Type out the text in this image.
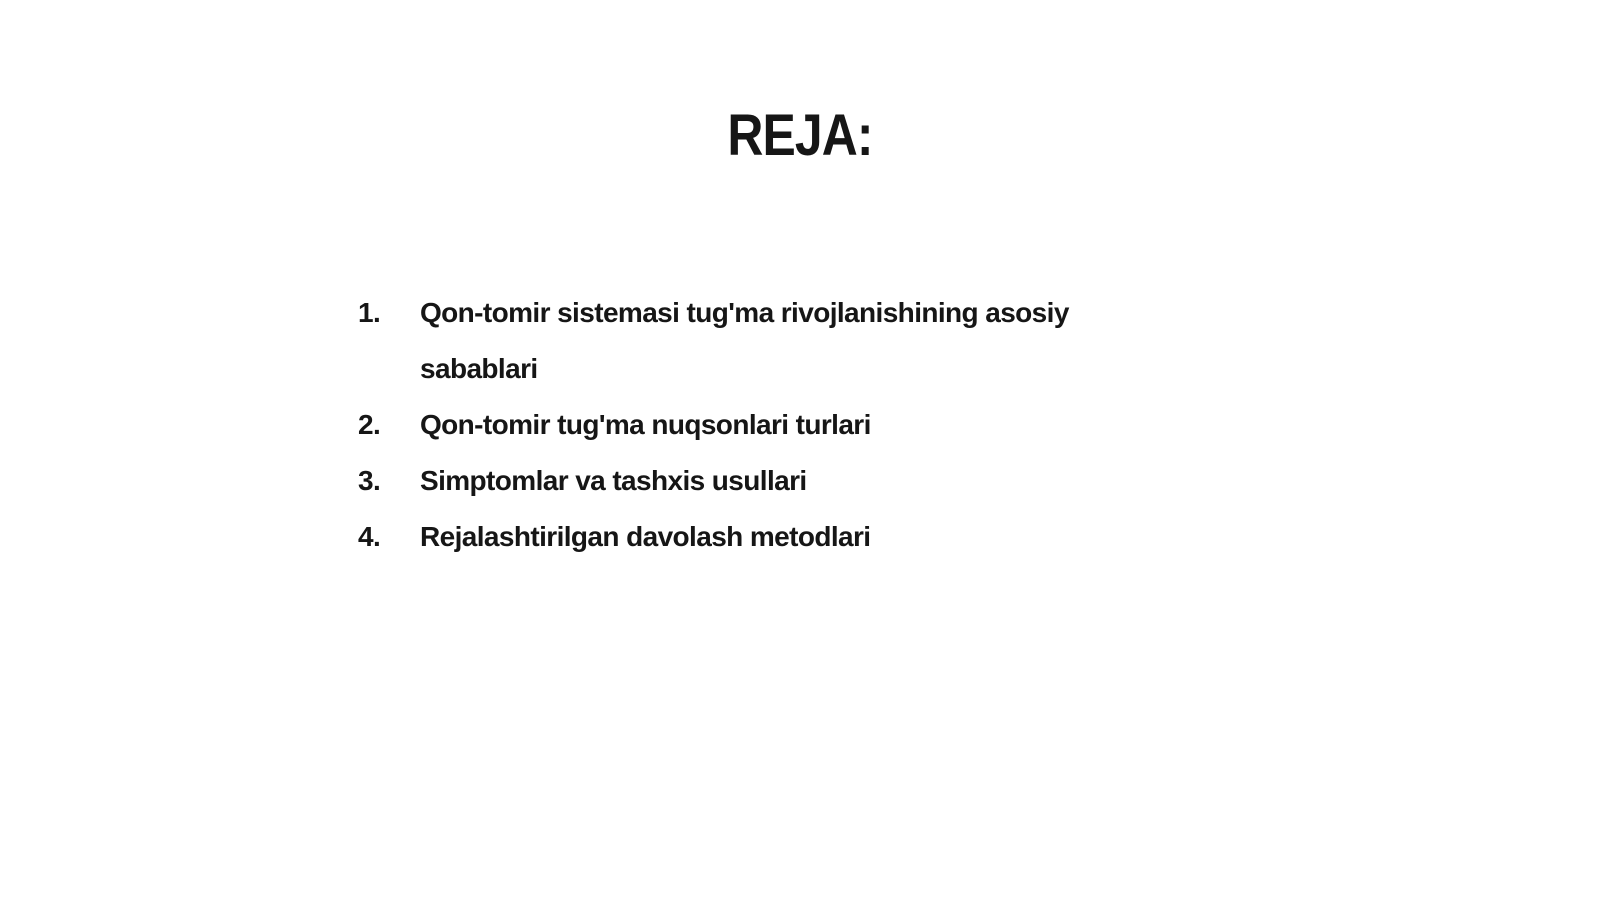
REJA:
1.	Qon-tomir sistemasi tug'ma rivojlanishining asosiy sabablari
2.	Qon-tomir tug'ma nuqsonlari turlari
3.	Simptomlar va tashxis usullari
4.	Rejalashtirilgan davolash metodlari
